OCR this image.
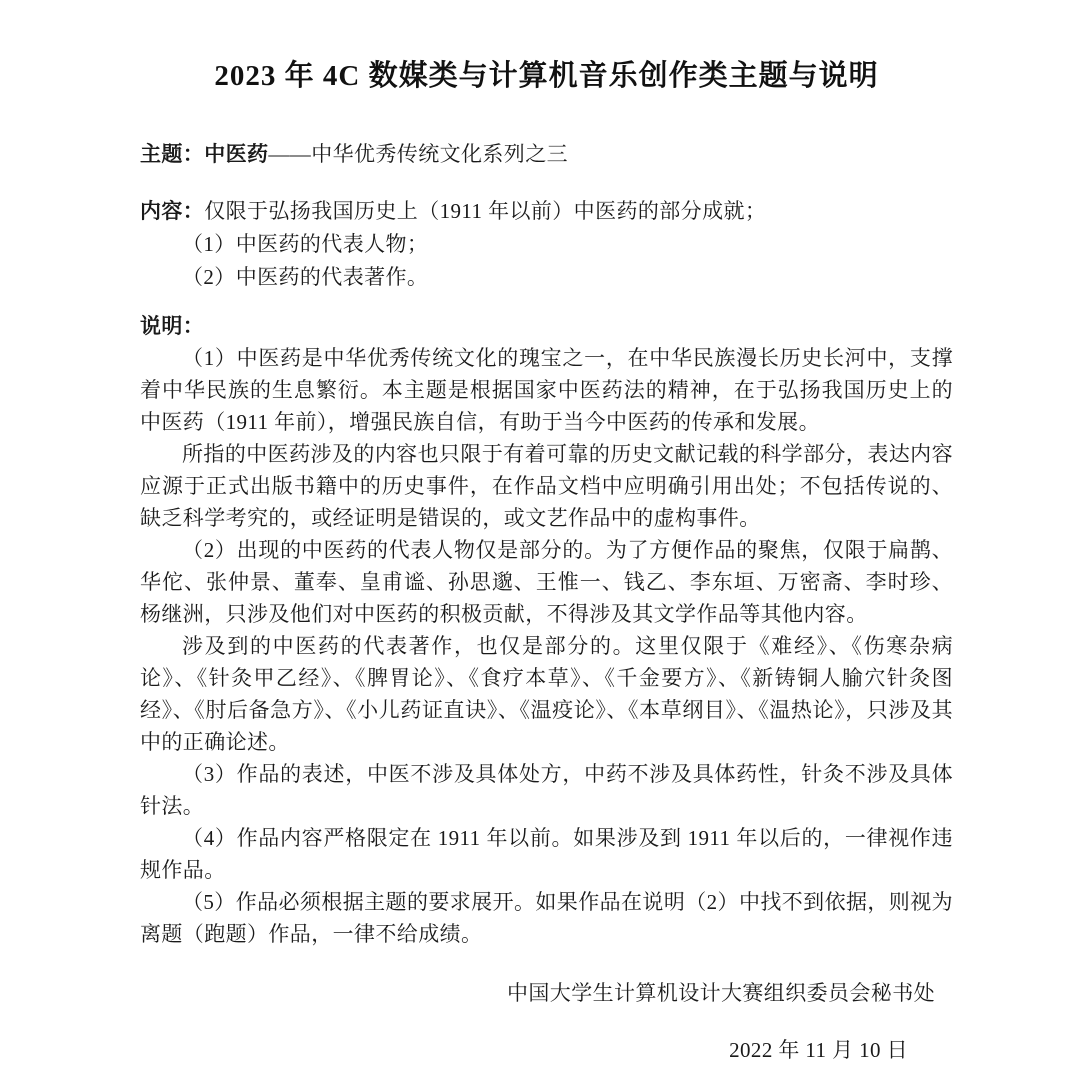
2023 年 4C 数媒类与计算机音乐创作类主题与说明

主题：中医药——中华优秀传统文化系列之三

内容：仅限于弘扬我国历史上（1911 年以前）中医药的部分成就；

（1）中医药的代表人物；

（2）中医药的代表著作。

说明：

（1）中医药是中华优秀传统文化的瑰宝之一，在中华民族漫长历史长河中，支撑着中华民族的生息繁衍。本主题是根据国家中医药法的精神，在于弘扬我国历史上的中医药（1911 年前），增强民族自信，有助于当今中医药的传承和发展。

所指的中医药涉及的内容也只限于有着可靠的历史文献记载的科学部分，表达内容应源于正式出版书籍中的历史事件，在作品文档中应明确引用出处；不包括传说的、缺乏科学考究的，或经证明是错误的，或文艺作品中的虚构事件。

（2）出现的中医药的代表人物仅是部分的。为了方便作品的聚焦，仅限于扁鹊、华佗、张仲景、董奉、皇甫谧、孙思邈、王惟一、钱乙、李东垣、万密斋、李时珍、杨继洲，只涉及他们对中医药的积极贡献，不得涉及其文学作品等其他内容。

涉及到的中医药的代表著作，也仅是部分的。这里仅限于《难经》、《伤寒杂病论》、《针灸甲乙经》、《脾胃论》、《食疗本草》、《千金要方》、《新铸铜人腧穴针灸图经》、《肘后备急方》、《小儿药证直诀》、《温疫论》、《本草纲目》、《温热论》，只涉及其中的正确论述。

（3）作品的表述，中医不涉及具体处方，中药不涉及具体药性，针灸不涉及具体针法。

（4）作品内容严格限定在 1911 年以前。如果涉及到 1911 年以后的，一律视作违规作品。

（5）作品必须根据主题的要求展开。如果作品在说明（2）中找不到依据，则视为离题（跑题）作品，一律不给成绩。

中国大学生计算机设计大赛组织委员会秘书处

2022 年 11 月 10 日
